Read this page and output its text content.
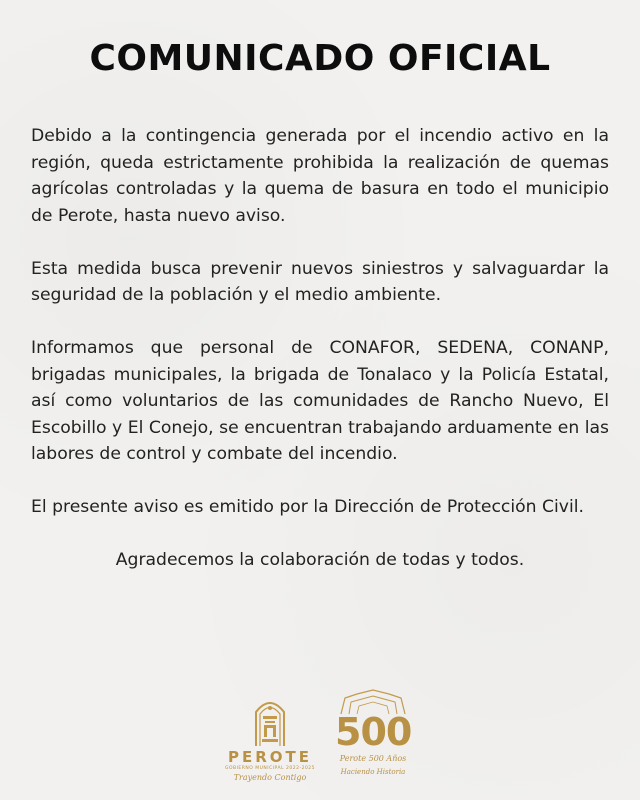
COMUNICADO OFICIAL

Debido a la contingencia generada por el incendio activo en la región, queda estrictamente prohibida la realización de quemas agrícolas controladas y la quema de basura en todo el municipio de Perote, hasta nuevo aviso.

Esta medida busca prevenir nuevos siniestros y salvaguardar la seguridad de la población y el medio ambiente.

Informamos que personal de CONAFOR, SEDENA, CONANP, brigadas municipales, la brigada de Tonalaco y la Policía Estatal, así como voluntarios de las comunidades de Rancho Nuevo, El Escobillo y El Conejo, se encuentran trabajando arduamente en las labores de control y combate del incendio.

El presente aviso es emitido por la Dirección de Protección Civil.

Agradecemos la colaboración de todas y todos.

PEROTE
GOBIERNO MUNICIPAL 2022-2025
Trayendo Contigo
500
Perote 500 Años
Haciendo Historia
